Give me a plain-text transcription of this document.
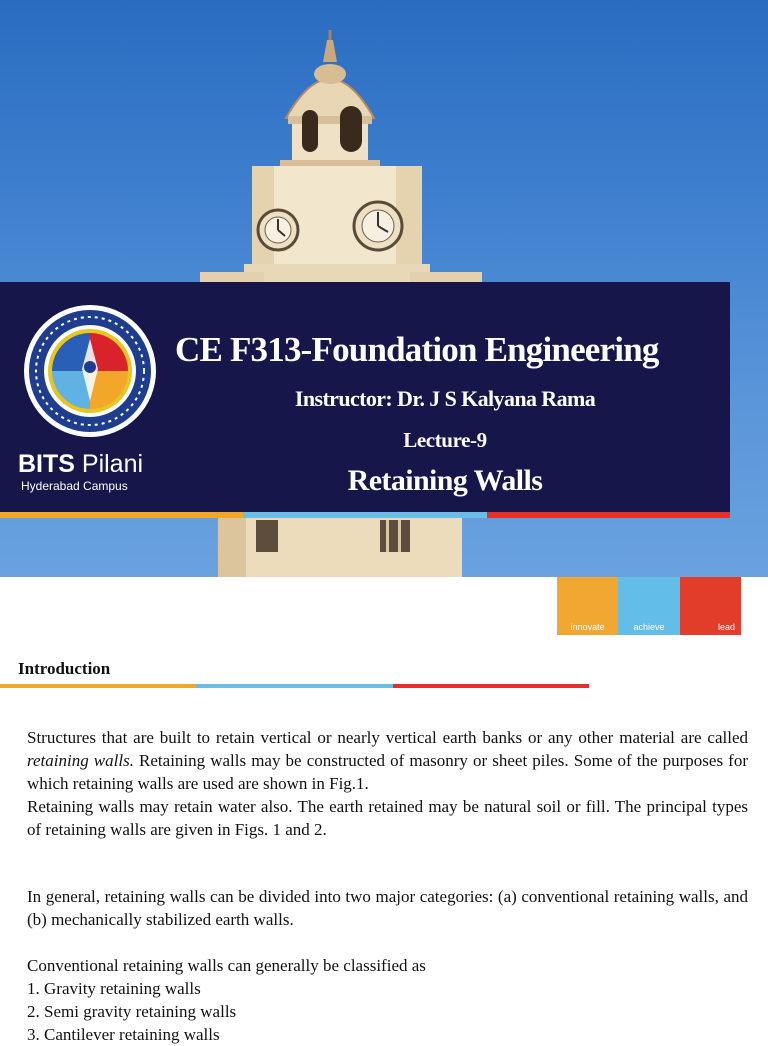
BITS Pilani
Hyderabad Campus
CE F313-Foundation Engineering
Instructor: Dr. J S Kalyana Rama
Lecture-9
Retaining Walls
innovate	achieve	lead
Introduction

Structures that are built to retain vertical or nearly vertical earth banks or any other material are called retaining walls. Retaining walls may be constructed of masonry or sheet piles. Some of the purposes for which retaining walls are used are shown in Fig.1.

Retaining walls may retain water also. The earth retained may be natural soil or fill. The principal types of retaining walls are given in Figs. 1 and 2.

In general, retaining walls can be divided into two major categories: (a) conventional retaining walls, and (b) mechanically stabilized earth walls.

Conventional retaining walls can generally be classified as

1. Gravity retaining walls
2. Semi gravity retaining walls
3. Cantilever retaining walls
